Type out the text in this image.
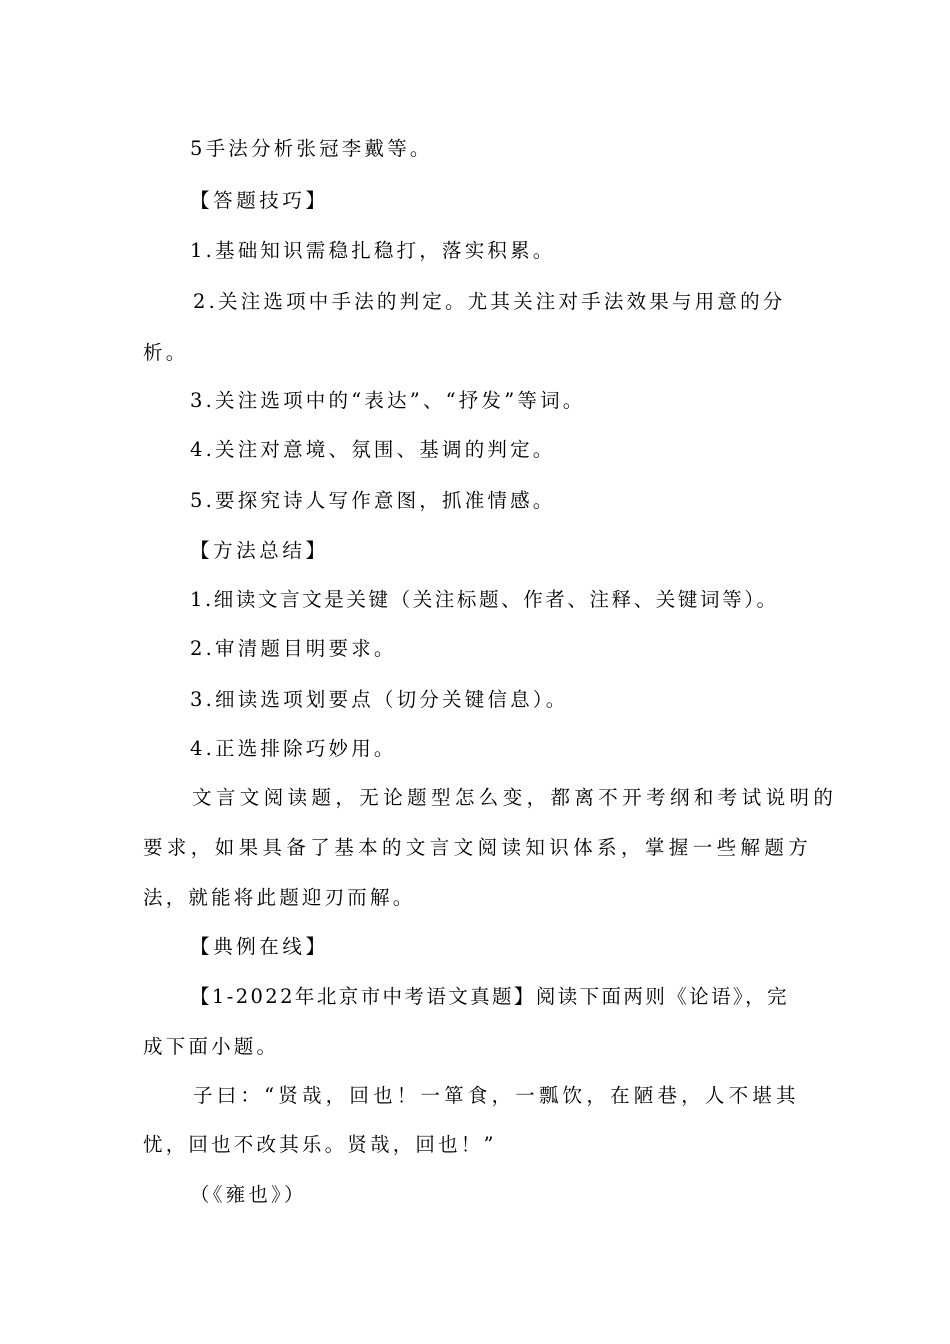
5手法分析张冠李戴等。
【答题技巧】
1.基础知识需稳扎稳打，落实积累。
2.关注选项中手法的判定。尤其关注对手法效果与用意的分
析。
3.关注选项中的“表达”、“抒发”等词。
4.关注对意境、氛围、基调的判定。
5.要探究诗人写作意图，抓准情感。
【方法总结】
1.细读文言文是关键（关注标题、作者、注释、关键词等）。
2.审清题目明要求。
3.细读选项划要点（切分关键信息）。
4.正选排除巧妙用。
文言文阅读题，无论题型怎么变，都离不开考纲和考试说明的
要求，如果具备了基本的文言文阅读知识体系，掌握一些解题方
法，就能将此题迎刃而解。
【典例在线】
【1-2022年北京市中考语文真题】阅读下面两则《论语》，完
成下面小题。
子曰：“贤哉，回也！一箪食，一瓢饮，在陋巷，人不堪其
忧，回也不改其乐。贤哉，回也！”
（《雍也》）
